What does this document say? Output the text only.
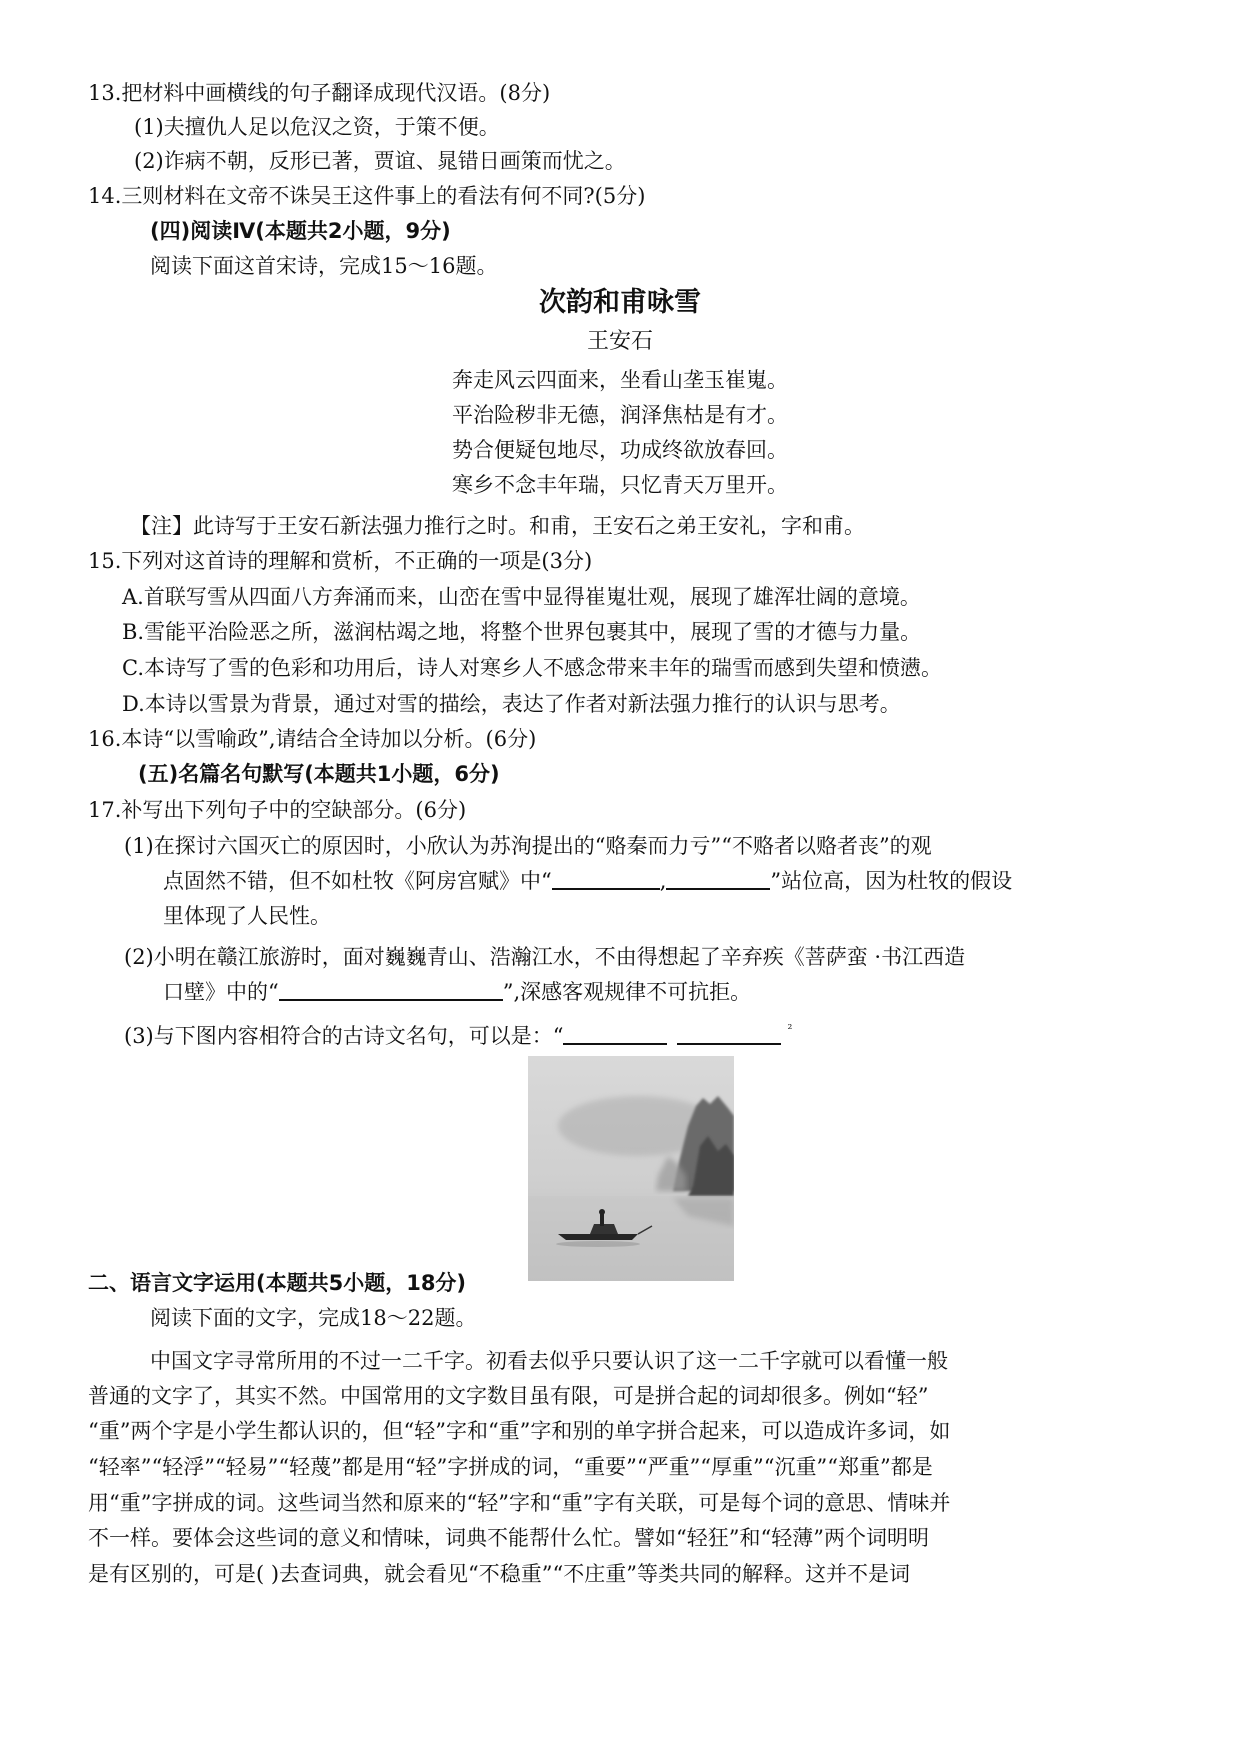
13.把材料中画横线的句子翻译成现代汉语。(8分)
(1)夫擅仇人足以危汉之资，于策不便。
(2)诈病不朝，反形已著，贾谊、晁错日画策而忧之。
14.三则材料在文帝不诛吴王这件事上的看法有何不同?(5分)
(四)阅读Ⅳ(本题共2小题，9分)
阅读下面这首宋诗，完成15～16题。
次韵和甫咏雪
王安石
奔走风云四面来，坐看山垄玉崔嵬。
平治险秽非无德，润泽焦枯是有才。
势合便疑包地尽，功成终欲放春回。
寒乡不念丰年瑞，只忆青天万里开。
【注】此诗写于王安石新法强力推行之时。和甫，王安石之弟王安礼，字和甫。
15.下列对这首诗的理解和赏析，不正确的一项是(3分)
A.首联写雪从四面八方奔涌而来，山峦在雪中显得崔嵬壮观，展现了雄浑壮阔的意境。
B.雪能平治险恶之所，滋润枯竭之地，将整个世界包裹其中，展现了雪的才德与力量。
C.本诗写了雪的色彩和功用后，诗人对寒乡人不感念带来丰年的瑞雪而感到失望和愤懑。
D.本诗以雪景为背景，通过对雪的描绘，表达了作者对新法强力推行的认识与思考。
16.本诗“以雪喻政”,请结合全诗加以分析。(6分)
(五)名篇名句默写(本题共1小题，6分)
17.补写出下列句子中的空缺部分。(6分)
(1)在探讨六国灭亡的原因时，小欣认为苏洵提出的“赂秦而力亏”“不赂者以赂者丧”的观
点固然不错，但不如杜牧《阿房宫赋》中“	,	”站位高，因为杜牧的假设
里体现了人民性。
(2)小明在赣江旅游时，面对巍巍青山、浩瀚江水，不由得想起了辛弃疾《菩萨蛮 ·书江西造
口壁》中的“	”,深感客观规律不可抗拒。
(3)与下图内容相符合的古诗文名句，可以是：“	$^{^2}$
二、语言文字运用(本题共5小题，18分)
阅读下面的文字，完成18～22题。
中国文字寻常所用的不过一二千字。初看去似乎只要认识了这一二千字就可以看懂一般
普通的文字了，其实不然。中国常用的文字数目虽有限，可是拼合起的词却很多。例如“轻”
“重”两个字是小学生都认识的，但“轻”字和“重”字和别的单字拼合起来，可以造成许多词，如
“轻率”“轻浮”“轻易”“轻蔑”都是用“轻”字拼成的词，“重要”“严重”“厚重”“沉重”“郑重”都是
用“重”字拼成的词。这些词当然和原来的“轻”字和“重”字有关联，可是每个词的意思、情味并
不一样。要体会这些词的意义和情味，词典不能帮什么忙。譬如“轻狂”和“轻薄”两个词明明
是有区别的，可是( )去查词典，就会看见“不稳重”“不庄重”等类共同的解释。这并不是词
